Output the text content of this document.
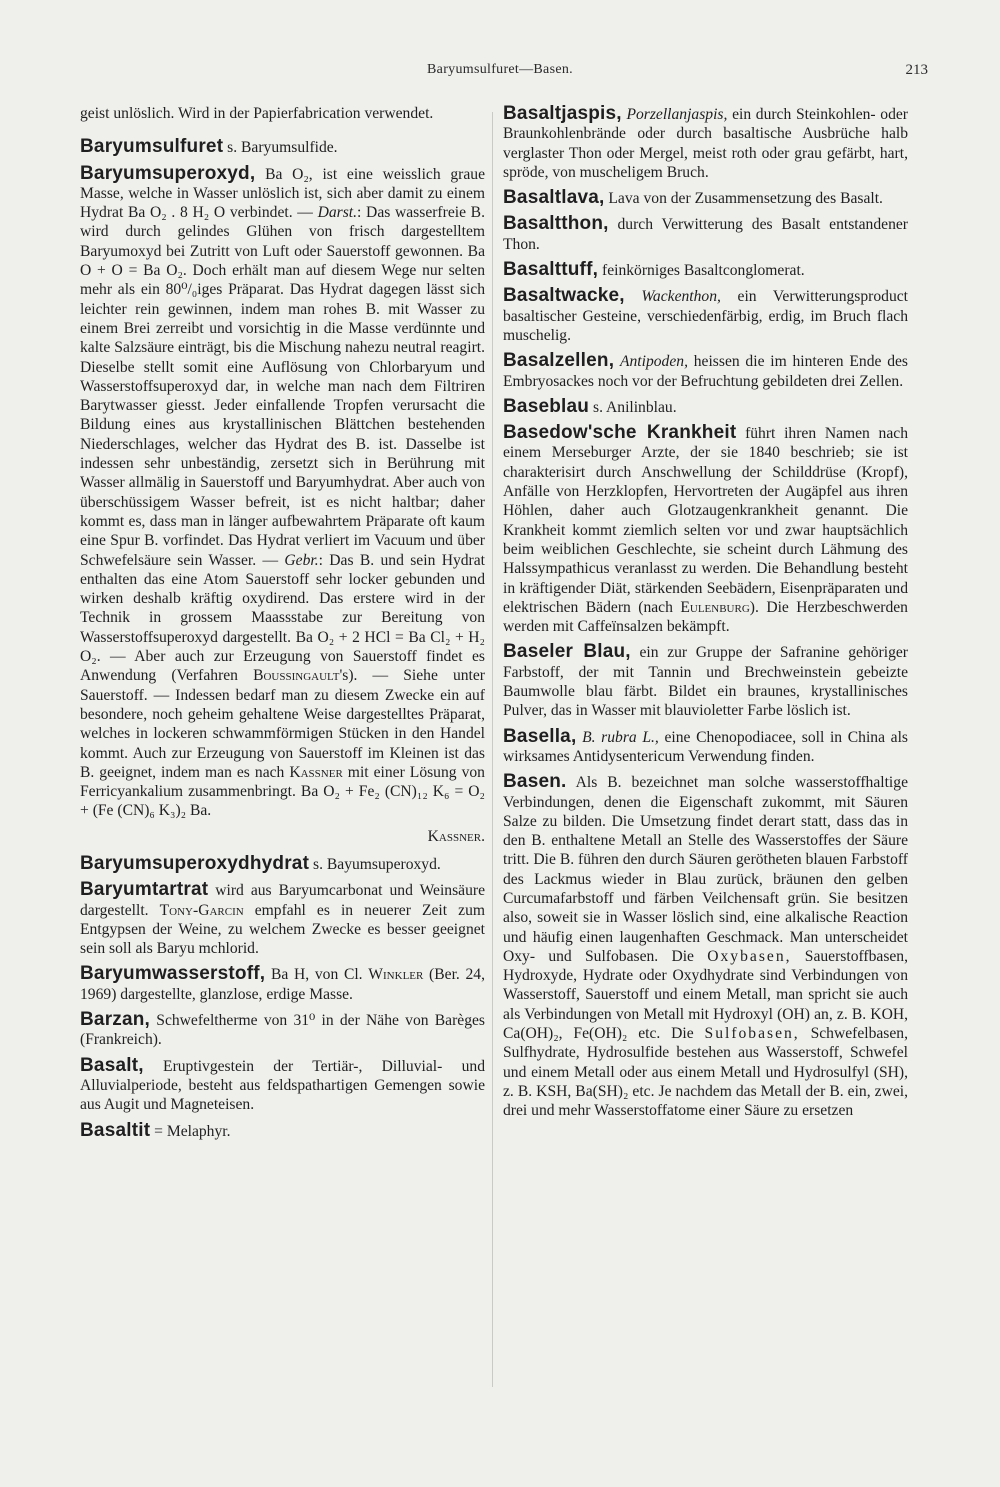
Baryumsulfuret—Basen.	213

geist unlöslich. Wird in der Papierfabrication verwendet.

Baryumsulfuret s. Baryumsulfide.

Baryumsuperoxyd, Ba O₂, ist eine weisslich graue Masse, welche in Wasser unlöslich ist, sich aber damit zu einem Hydrat Ba O₂ . 8 H₂ O verbindet. — Darst.: Das wasserfreie B. wird durch gelindes Glühen von frisch dargestelltem Baryumoxyd bei Zutritt von Luft oder Sauerstoff gewonnen. Ba O + O = Ba O₂. Doch erhält man auf diesem Wege nur selten mehr als ein 80⁰/₀iges Präparat. Das Hydrat dagegen lässt sich leichter rein gewinnen, indem man rohes B. mit Wasser zu einem Brei zerreibt und vorsichtig in die Masse verdünnte und kalte Salzsäure einträgt, bis die Mischung nahezu neutral reagirt. Dieselbe stellt somit eine Auflösung von Chlorbaryum und Wasserstoffsuperoxyd dar, in welche man nach dem Filtriren Barytwasser giesst. Jeder einfallende Tropfen verursacht die Bildung eines aus krystallinischen Blättchen bestehenden Niederschlages, welcher das Hydrat des B. ist. Dasselbe ist indessen sehr unbeständig, zersetzt sich in Berührung mit Wasser allmälig in Sauerstoff und Baryumhydrat. Aber auch von überschüssigem Wasser befreit, ist es nicht haltbar; daher kommt es, dass man in länger aufbewahrtem Präparate oft kaum eine Spur B. vorfindet. Das Hydrat verliert im Vacuum und über Schwefelsäure sein Wasser. — Gebr.: Das B. und sein Hydrat enthalten das eine Atom Sauerstoff sehr locker gebunden und wirken deshalb kräftig oxydirend. Das erstere wird in der Technik in grossem Maassstabe zur Bereitung von Wasserstoffsuperoxyd dargestellt. Ba O₂ + 2 HCl = Ba Cl₂ + H₂ O₂. — Aber auch zur Erzeugung von Sauerstoff findet es Anwendung (Verfahren Boussingault's). — Siehe unter Sauerstoff. — Indessen bedarf man zu diesem Zwecke ein auf besondere, noch geheim gehaltene Weise dargestelltes Präparat, welches in lockeren schwammförmigen Stücken in den Handel kommt. Auch zur Erzeugung von Sauerstoff im Kleinen ist das B. geeignet, indem man es nach Kassner mit einer Lösung von Ferricyankalium zusammenbringt. Ba O₂ + Fe₂ (CN)₁₂ K₆ = O₂ + (Fe (CN)₆ K₃)₂ Ba.

Kassner.

Baryumsuperoxydhydrat s. Bayumsuperoxyd.

Baryumtartrat wird aus Baryumcarbonat und Weinsäure dargestellt. Tony-Garcin empfahl es in neuerer Zeit zum Entgypsen der Weine, zu welchem Zwecke es besser geeignet sein soll als Baryu mchlorid.

Baryumwasserstoff, Ba H, von Cl. Winkler (Ber. 24, 1969) dargestellte, glanzlose, erdige Masse.

Barzan, Schwefeltherme von 31⁰ in der Nähe von Barèges (Frankreich).

Basalt, Eruptivgestein der Tertiär-, Dilluvial- und Alluvialperiode, besteht aus feldspathartigen Gemengen sowie aus Augit und Magneteisen.

Basaltit = Melaphyr.

Basaltjaspis, Porzellanjaspis, ein durch Steinkohlen- oder Braunkohlenbrände oder durch basaltische Ausbrüche halb verglaster Thon oder Mergel, meist roth oder grau gefärbt, hart, spröde, von muscheligem Bruch.

Basaltlava, Lava von der Zusammensetzung des Basalt.

Basaltthon, durch Verwitterung des Basalt entstandener Thon.

Basalttuff, feinkörniges Basaltconglomerat.

Basaltwacke, Wackenthon, ein Verwitterungsproduct basaltischer Gesteine, verschiedenfärbig, erdig, im Bruch flach muschelig.

Basalzellen, Antipoden, heissen die im hinteren Ende des Embryosackes noch vor der Befruchtung gebildeten drei Zellen.

Baseblau s. Anilinblau.

Basedow'sche Krankheit führt ihren Namen nach einem Merseburger Arzte, der sie 1840 beschrieb; sie ist charakterisirt durch Anschwellung der Schilddrüse (Kropf), Anfälle von Herzklopfen, Hervortreten der Augäpfel aus ihren Höhlen, daher auch Glotzaugenkrankheit genannt. Die Krankheit kommt ziemlich selten vor und zwar hauptsächlich beim weiblichen Geschlechte, sie scheint durch Lähmung des Halssympathicus veranlasst zu werden. Die Behandlung besteht in kräftigender Diät, stärkenden Seebädern, Eisenpräparaten und elektrischen Bädern (nach Eulenburg). Die Herzbeschwerden werden mit Caffeïnsalzen bekämpft.

Baseler Blau, ein zur Gruppe der Safranine gehöriger Farbstoff, der mit Tannin und Brechweinstein gebeizte Baumwolle blau färbt. Bildet ein braunes, krystallinisches Pulver, das in Wasser mit blauvioletter Farbe löslich ist.

Basella, B. rubra L., eine Chenopodiacee, soll in China als wirksames Antidysentericum Verwendung finden.

Basen. Als B. bezeichnet man solche wasserstoffhaltige Verbindungen, denen die Eigenschaft zukommt, mit Säuren Salze zu bilden. Die Umsetzung findet derart statt, dass das in den B. enthaltene Metall an Stelle des Wasserstoffes der Säure tritt. Die B. führen den durch Säuren gerötheten blauen Farbstoff des Lackmus wieder in Blau zurück, bräunen den gelben Curcumafarbstoff und färben Veilchensaft grün. Sie besitzen also, soweit sie in Wasser löslich sind, eine alkalische Reaction und häufig einen laugenhaften Geschmack. Man unterscheidet Oxy- und Sulfobasen. Die Oxybasen, Sauerstoffbasen, Hydroxyde, Hydrate oder Oxydhydrate sind Verbindungen von Wasserstoff, Sauerstoff und einem Metall, man spricht sie auch als Verbindungen von Metall mit Hydroxyl (OH) an, z. B. KOH, Ca(OH)₂, Fe(OH)₂ etc. Die Sulfobasen, Schwefelbasen, Sulfhydrate, Hydrosulfide bestehen aus Wasserstoff, Schwefel und einem Metall oder aus einem Metall und Hydrosulfyl (SH), z. B. KSH, Ba(SH)₂ etc. Je nachdem das Metall der B. ein, zwei, drei und mehr Wasserstoffatome einer Säure zu ersetzen
